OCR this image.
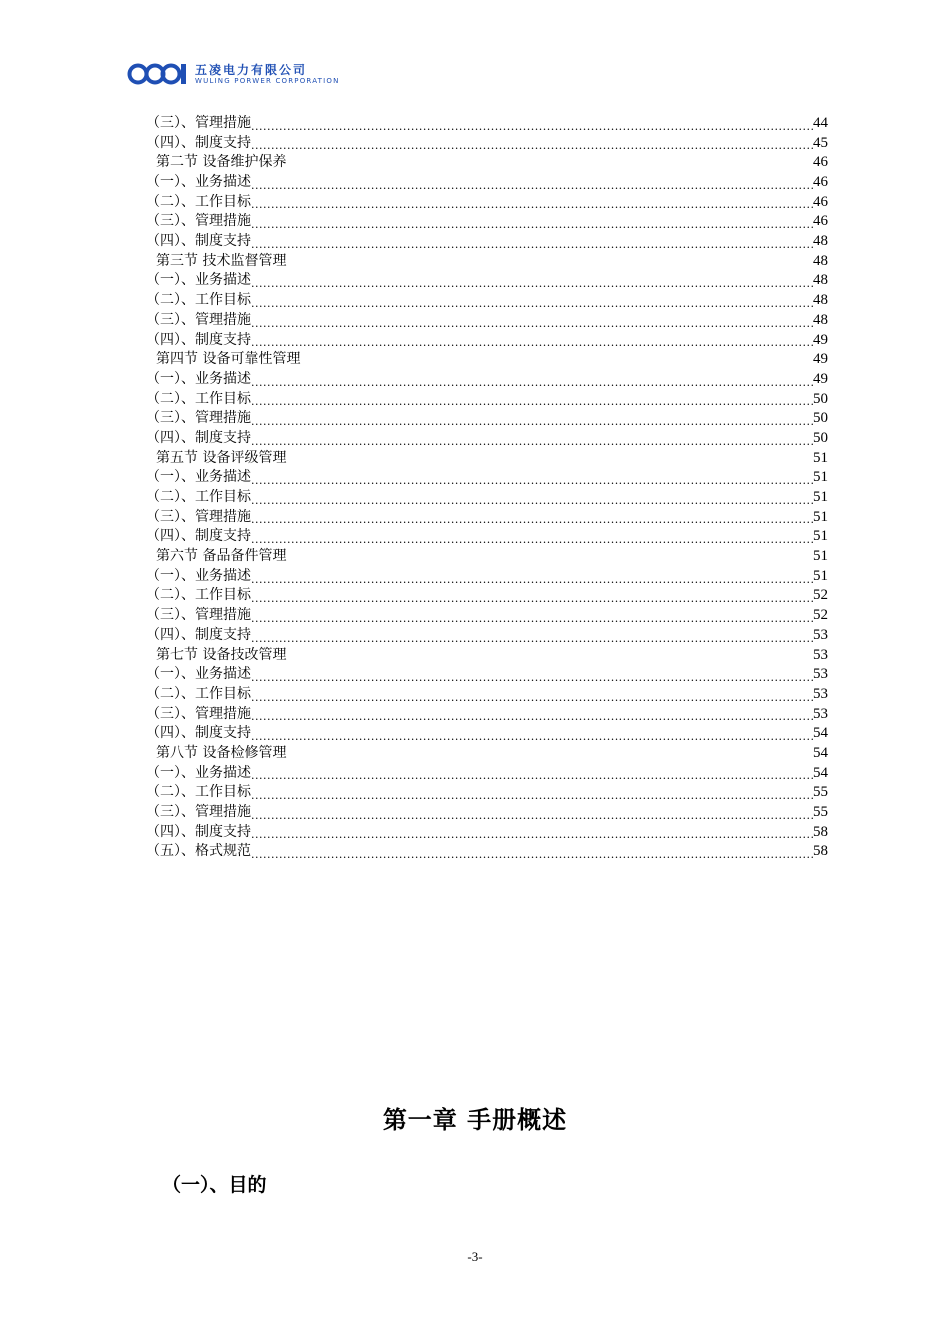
五凌电力有限公司
WULING PORWER CORPORATION
（三）、管理措施 .....	44
（四）、制度支持 .....	45
第二节 设备维护保养	46
（一）、业务描述 .....	46
（二）、工作目标 .....	46
（三）、管理措施 .....	46
（四）、制度支持 .....	48
第三节 技术监督管理	48
（一）、业务描述 .....	48
（二）、工作目标 .....	48
（三）、管理措施 .....	48
（四）、制度支持 .....	49
第四节 设备可靠性管理	49
（一）、业务描述 .....	49
（二）、工作目标 .....	50
（三）、管理措施 .....	50
（四）、制度支持 .....	50
第五节 设备评级管理	51
（一）、业务描述 .....	51
（二）、工作目标 .....	51
（三）、管理措施 .....	51
（四）、制度支持 .....	51
第六节 备品备件管理	51
（一）、业务描述 .....	51
（二）、工作目标 .....	52
（三）、管理措施 .....	52
（四）、制度支持 .....	53
第七节 设备技改管理	53
（一）、业务描述 .....	53
（二）、工作目标 .....	53
（三）、管理措施 .....	53
（四）、制度支持 .....	54
第八节 设备检修管理	54
（一）、业务描述 .....	54
（二）、工作目标 .....	55
（三）、管理措施 .....	55
（四）、制度支持 .....	58
（五）、格式规范 .....	58
第一章 手册概述
（一）、目的
-3-
